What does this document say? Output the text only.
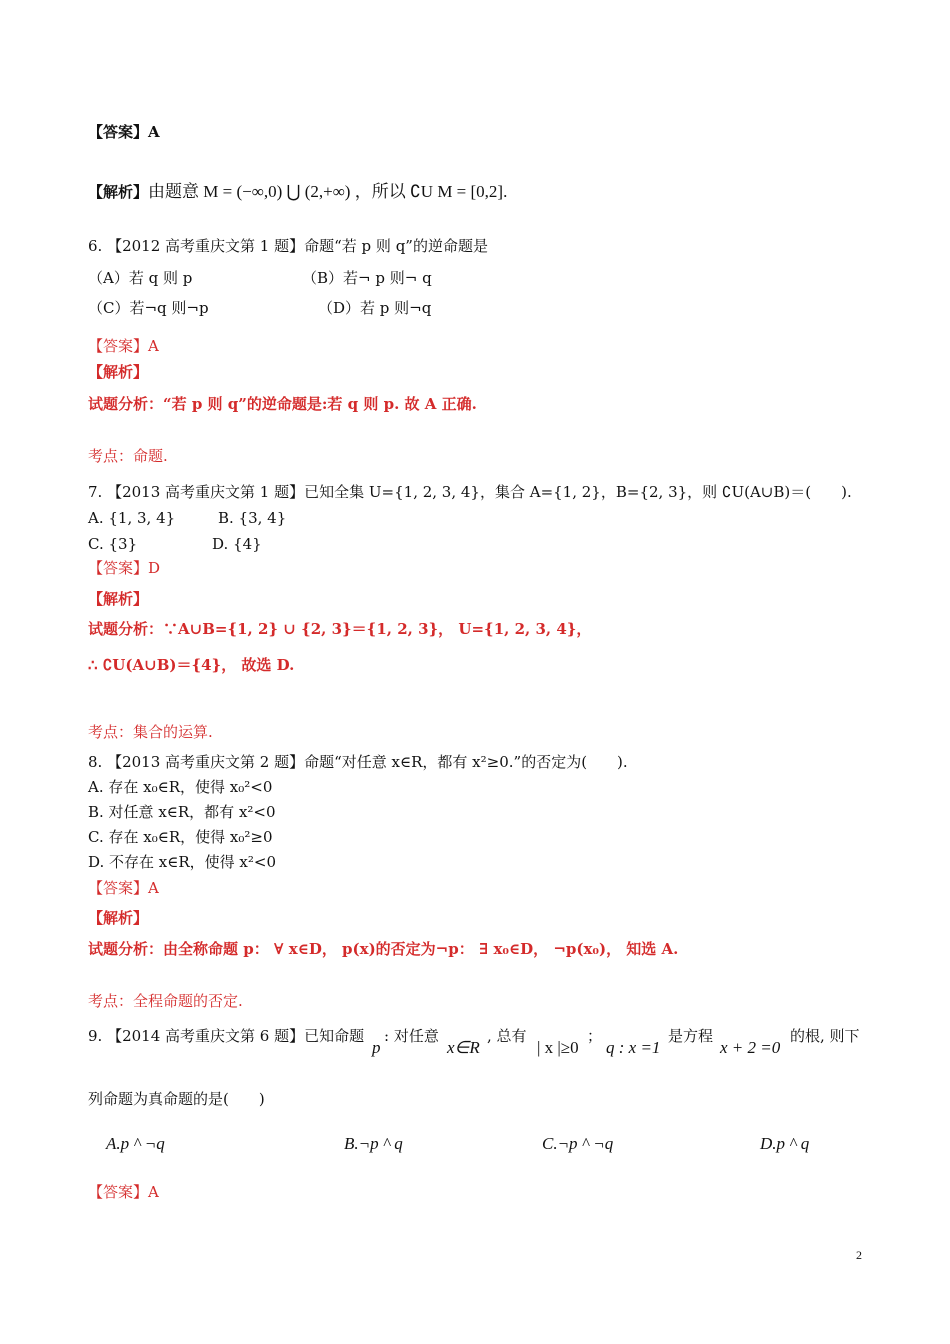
【答案】A
【解析】由题意 M = (−∞,0) ⋃ (2,+∞) ，所以 ∁U M = [0,2].
6. 【2012 高考重庆文第 1 题】命题“若 p 则 q”的逆命题是
（A）若 q 则 p	（B）若¬ p 则¬ q
（C）若¬q 则¬p	（D）若 p 则¬q
【答案】A
【解析】
试题分析：“若 p 则 q”的逆命题是:若 q 则 p. 故 A 正确.
考点：命题.
7. 【2013 高考重庆文第 1 题】已知全集 U={1, 2, 3, 4}，集合 A={1, 2}，B={2, 3}，则 ∁U(A∪B)＝(　　).
A. {1, 3, 4}	B. {3, 4}
C. {3}	D. {4}
【答案】D
【解析】
试题分析：∵A∪B={1, 2} ∪ {2, 3}＝{1, 2, 3}， U={1, 2, 3, 4}，
∴ ∁U(A∪B)＝{4}， 故选 D.
考点：集合的运算.
8. 【2013 高考重庆文第 2 题】命题“对任意 x∈R，都有 x²≥0.”的否定为(　　).
A. 存在 x₀∈R，使得 x₀²<0
B. 对任意 x∈R，都有 x²<0
C. 存在 x₀∈R，使得 x₀²≥0
D. 不存在 x∈R，使得 x²<0
【答案】A
【解析】
试题分析：由全称命题 p： ∀ x∈D， p(x)的否定为¬p： ∃ x₀∈D， ¬p(x₀)， 知选 A.
考点：全程命题的否定.
9. 【2014 高考重庆文第 6 题】已知命题
p
: 对任意
x∈R
, 总有
| x |≥0
；
q : x =1
是方程
x + 2 =0
的根, 则下
列命题为真命题的是(　　)
A.p ^ ¬q	B.¬p ^ q	C.¬p ^ ¬q	D.p ^ q
【答案】A
2
